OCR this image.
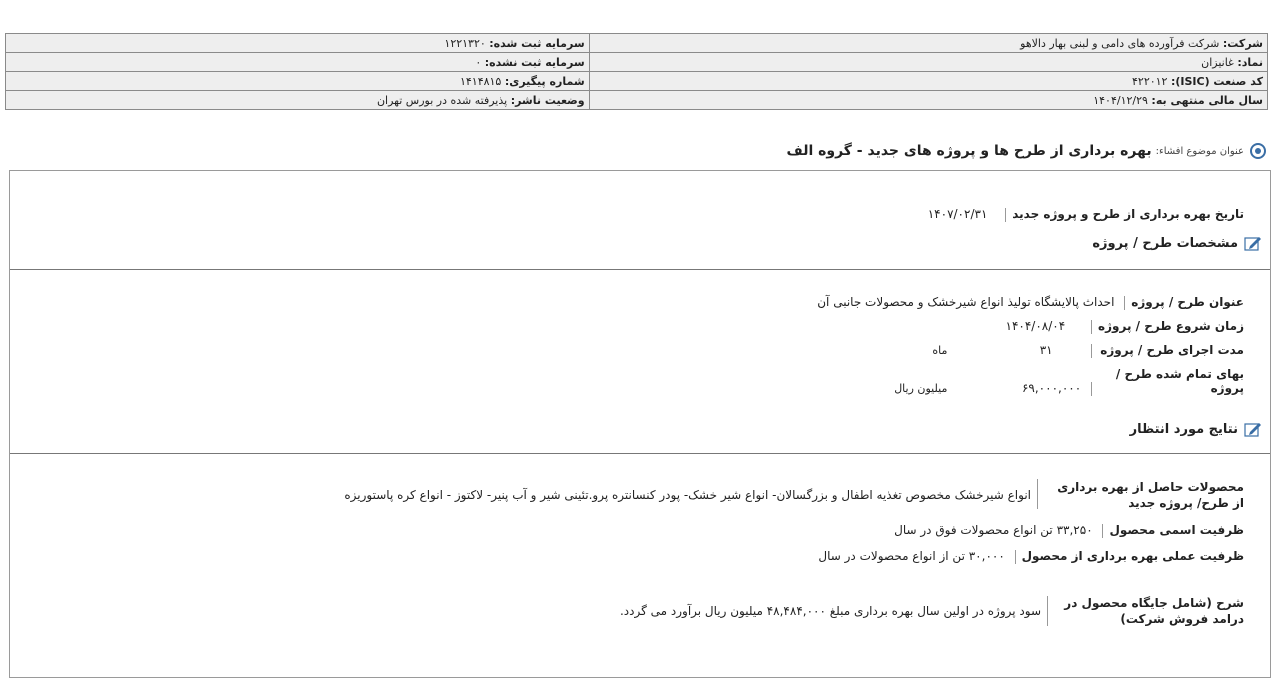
شرکت: شرکت فرآورده های دامی و لبنی بهار دالاهو	سرمایه ثبت شده: ۱۲۲۱۳۲۰
نماد: غانیزان	سرمایه ثبت نشده: ۰
کد صنعت (ISIC): ۴۲۲۰۱۲	شماره پیگیری: ۱۴۱۴۸۱۵
سال مالی منتهی به: ۱۴۰۴/۱۲/۲۹	وضعیت ناشر: پذیرفته شده در بورس تهران
عنوان موضوع افشاء:
بهره برداری از طرح ها و پروژه های جدید - گروه الف
تاریخ بهره برداری از طرح و پروژه جدید ۱۴۰۷/۰۲/۳۱
مشخصات طرح / پروژه
عنوان طرح / پروژه احداث پالایشگاه تولیذ انواع شیرخشک و محصولات جانبی آن
زمان شروع طرح / پروژه ۱۴۰۴/۰۸/۰۴
مدت اجرای طرح / پروژه ۳۱ ماه
بهای تمام شده طرح / پروژه ۶۹,۰۰۰,۰۰۰ میلیون ریال
نتایج مورد انتظار
محصولات حاصل از بهره برداری از طرح/ پروژه جدید
انواع شیرخشک مخصوص تغذیه اطفال و بزرگسالان- انواع شیر خشک- پودر کنسانتره پرو.تئینی شیر و آب پنیر- لاکتوز - انواع کره پاستوریزه
ظرفیت اسمی محصول ۳۳,۲۵۰ تن انواع محصولات فوق در سال
ظرفیت عملی بهره برداری از محصول ۳۰,۰۰۰ تن از انواع محصولات در سال
شرح (شامل جایگاه محصول در درامد فروش شرکت)
سود پروژه در اولین سال بهره برداری مبلغ ۴۸,۴۸۴,۰۰۰ میلیون ریال برآورد می گردد.
